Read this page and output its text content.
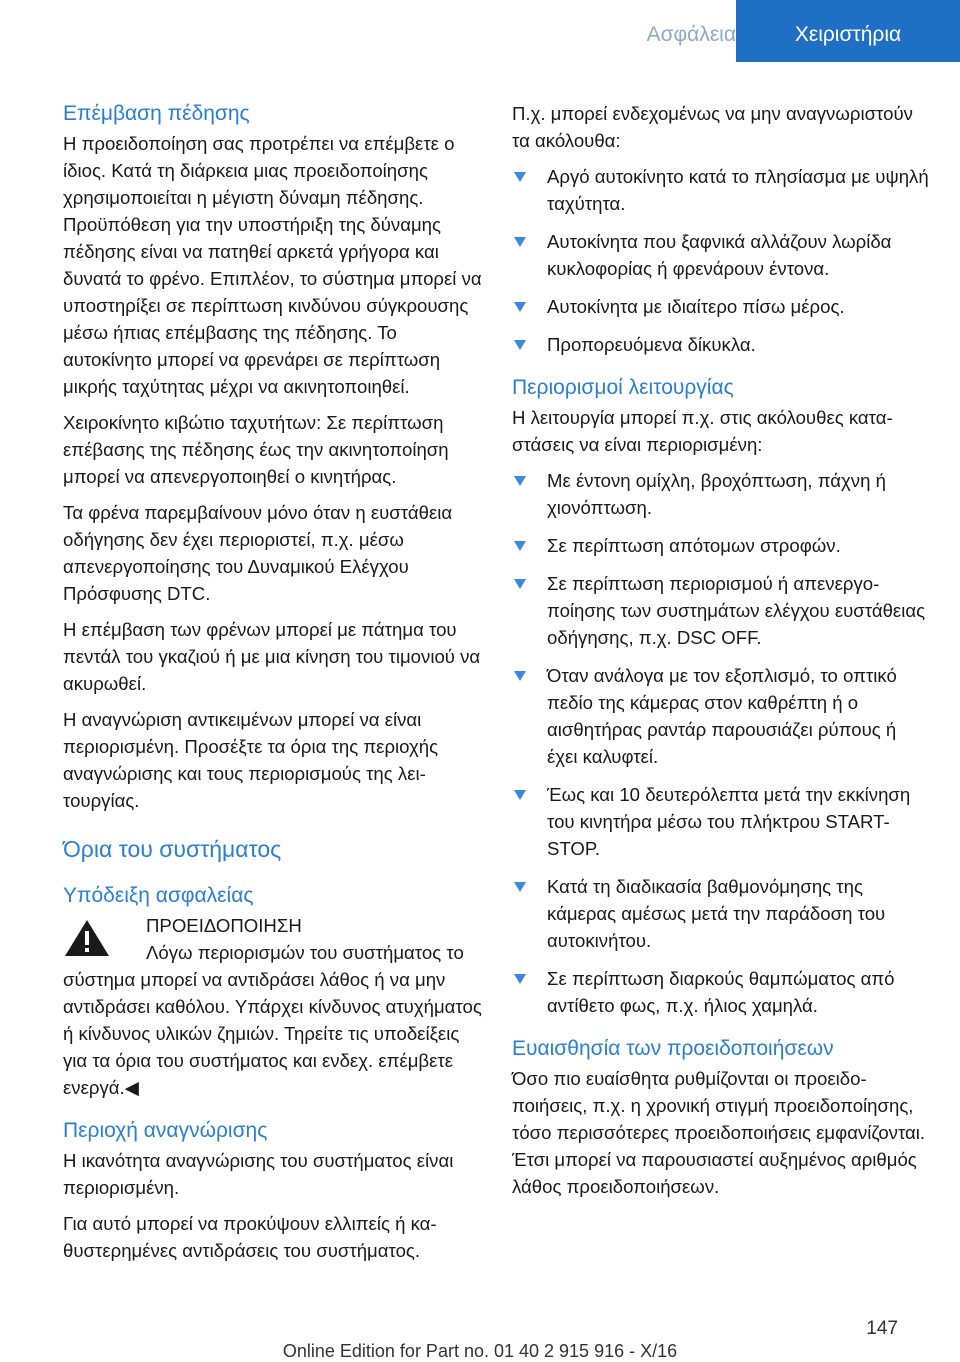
Ασφάλεια	Χειριστήρια
Επέμβαση πέδησης

Η προειδοποίηση σας προτρέπει να επέμβετε ο ίδιος. Κατά τη διάρκεια μιας προειδοποίησης χρησιμοποιείται η μέγιστη δύναμη πέδησης. Προϋπόθεση για την υποστήριξη της δύναμης πέδησης είναι να πατηθεί αρκετά γρήγορα και δυνατά το φρένο. Επιπλέον, το σύστημα μπορεί να υποστηρίξει σε περίπτωση κινδύνου σύγκρουσης μέσω ήπιας επέμβασης της πέδησης. Το αυτοκίνητο μπορεί να φρενάρει σε περίπτωση μικρής ταχύτητας μέχρι να ακινητοποιηθεί.

Χειροκίνητο κιβώτιο ταχυτήτων: Σε περίπτωση επέβασης της πέδησης έως την ακινητοποίηση μπορεί να απενεργοποιηθεί ο κινητήρας.

Τα φρένα παρεμβαίνουν μόνο όταν η ευστάθεια οδήγησης δεν έχει περιοριστεί, π.χ. μέσω απενεργοποίησης του Δυναμικού Ελέγχου Πρόσφυσης DTC.

Η επέμβαση των φρένων μπορεί με πάτημα του πεντάλ του γκαζιού ή με μια κίνηση του τιμονιού να ακυρωθεί.

Η αναγνώριση αντικειμένων μπορεί να είναι περιορισμένη. Προσέξτε τα όρια της περιοχής αναγνώρισης και τους περιορισμούς της λειτουργίας.

Όρια του συστήματος
Υπόδειξη ασφαλείας
ΠΡΟΕΙΔΟΠΟΙΗΣΗ
Λόγω περιορισμών του συστήματος το
σύστημα μπορεί να αντιδράσει λάθος ή να μην αντιδράσει καθόλου. Υπάρχει κίνδυνος ατυχήματος ή κίνδυνος υλικών ζημιών. Τηρείτε τις υποδείξεις για τα όρια του συστήματος και ενδεχ. επέμβετε ενεργά.◀
Περιοχή αναγνώρισης

Η ικανότητα αναγνώρισης του συστήματος είναι περιορισμένη.

Για αυτό μπορεί να προκύψουν ελλιπείς ή καθυστερημένες αντιδράσεις του συστήματος.

Π.χ. μπορεί ενδεχομένως να μην αναγνωριστούν τα ακόλουθα:

Αργό αυτοκίνητο κατά το πλησίασμα με υψηλή ταχύτητα.
Αυτοκίνητα που ξαφνικά αλλάζουν λωρίδα κυκλοφορίας ή φρενάρουν έντονα.
Αυτοκίνητα με ιδιαίτερο πίσω μέρος.
Προπορευόμενα δίκυκλα.
Περιορισμοί λειτουργίας

Η λειτουργία μπορεί π.χ. στις ακόλουθες καταστάσεις να είναι περιορισμένη:

Με έντονη ομίχλη, βροχόπτωση, πάχνη ή χιονόπτωση.
Σε περίπτωση απότομων στροφών.
Σε περίπτωση περιορισμού ή απενεργοποίησης των συστημάτων ελέγχου ευστάθειας οδήγησης, π.χ. DSC OFF.
Όταν ανάλογα με τον εξοπλισμό, το οπτικό πεδίο της κάμερας στον καθρέπτη ή ο αισθητήρας ραντάρ παρουσιάζει ρύπους ή έχει καλυφτεί.
Έως και 10 δευτερόλεπτα μετά την εκκίνηση του κινητήρα μέσω του πλήκτρου START-STOP.
Κατά τη διαδικασία βαθμονόμησης της κάμερας αμέσως μετά την παράδοση του αυτοκινήτου.
Σε περίπτωση διαρκούς θαμπώματος από αντίθετο φως, π.χ. ήλιος χαμηλά.
Ευαισθησία των προειδοποιήσεων

Όσο πιο ευαίσθητα ρυθμίζονται οι προειδοποιήσεις, π.χ. η χρονική στιγμή προειδοποίησης, τόσο περισσότερες προειδοποιήσεις εμφανίζονται. Έτσι μπορεί να παρουσιαστεί αυξημένος αριθμός λάθος προειδοποιήσεων.

147
Online Edition for Part no. 01 40 2 915 916 - X/16
